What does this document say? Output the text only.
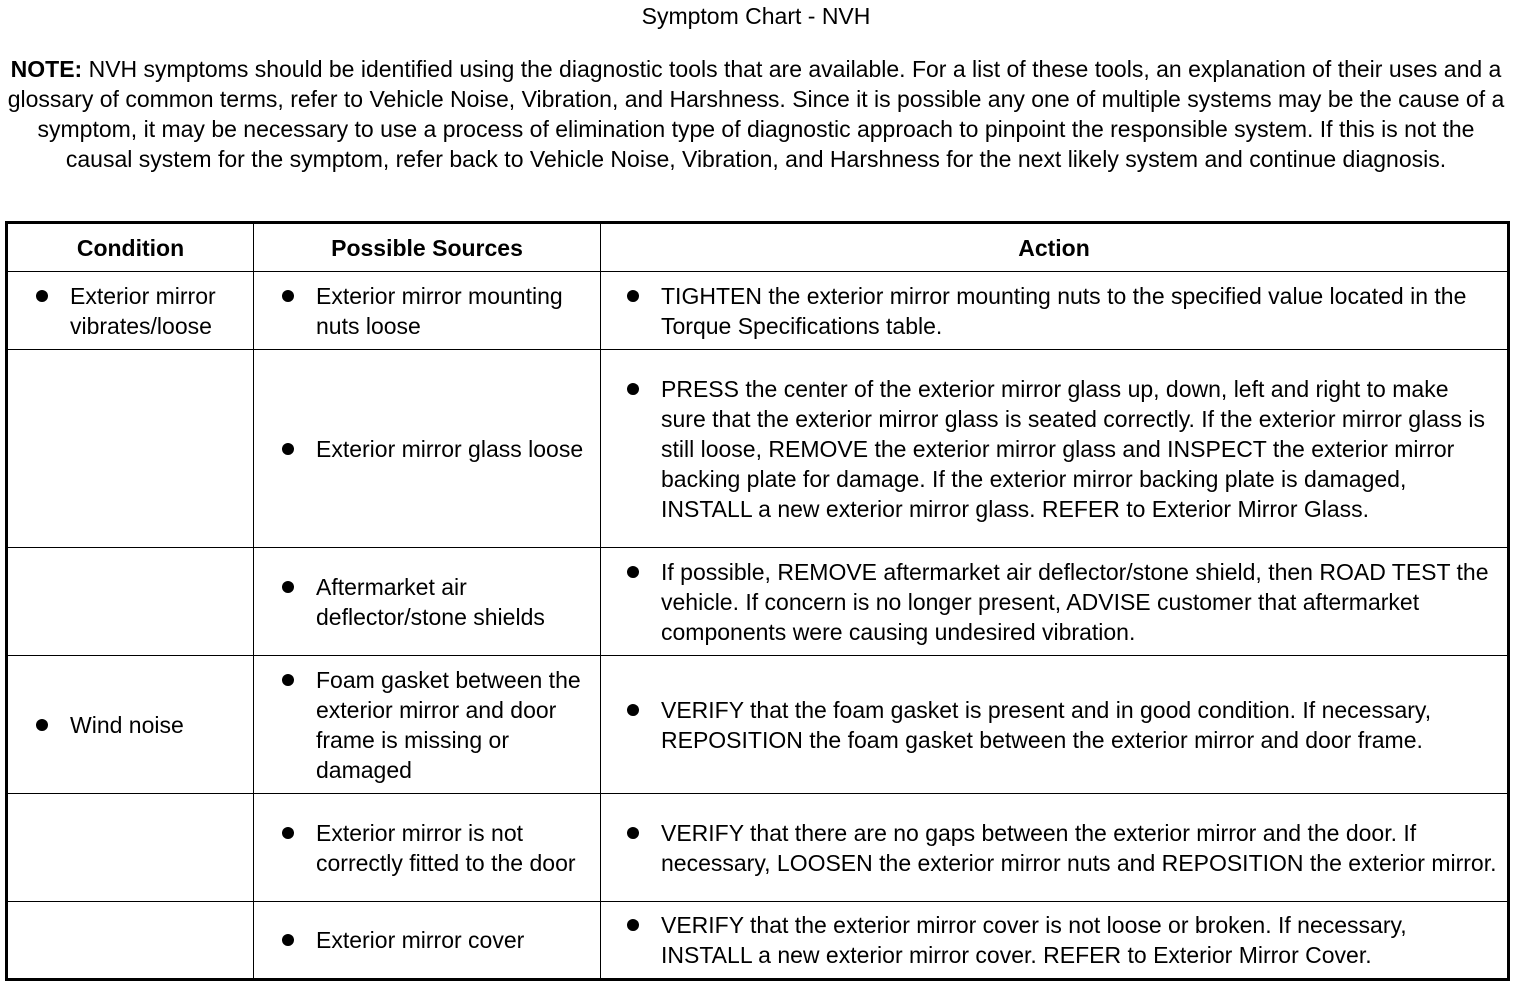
Symptom Chart - NVH
NOTE: NVH symptoms should be identified using the diagnostic tools that are available. For a list of these tools, an explanation of their uses and a glossary of common terms, refer to Vehicle Noise, Vibration, and Harshness. Since it is possible any one of multiple systems may be the cause of a symptom, it may be necessary to use a process of elimination type of diagnostic approach to pinpoint the responsible system. If this is not the causal system for the symptom, refer back to Vehicle Noise, Vibration, and Harshness for the next likely system and continue diagnosis.
Condition	Possible Sources	Action

Exterior mirror vibrates/loose	Exterior mirror mounting nuts loose	TIGHTEN the exterior mirror mounting nuts to the specified value located in the Torque Specifications table.

	Exterior mirror glass loose	PRESS the center of the exterior mirror glass up, down, left and right to make sure that the exterior mirror glass is seated correctly. If the exterior mirror glass is still loose, REMOVE the exterior mirror glass and INSPECT the exterior mirror backing plate for damage. If the exterior mirror backing plate is damaged, INSTALL a new exterior mirror glass. REFER to Exterior Mirror Glass.

	Aftermarket air deflector/stone shields	If possible, REMOVE aftermarket air deflector/stone shield, then ROAD TEST the vehicle. If concern is no longer present, ADVISE customer that aftermarket components were causing undesired vibration.

Wind noise	Foam gasket between the exterior mirror and door frame is missing or damaged	VERIFY that the foam gasket is present and in good condition. If necessary, REPOSITION the foam gasket between the exterior mirror and door frame.

	Exterior mirror is not correctly fitted to the door	VERIFY that there are no gaps between the exterior mirror and the door. If necessary, LOOSEN the exterior mirror nuts and REPOSITION the exterior mirror.

	Exterior mirror cover	VERIFY that the exterior mirror cover is not loose or broken. If necessary, INSTALL a new exterior mirror cover. REFER to Exterior Mirror Cover.
